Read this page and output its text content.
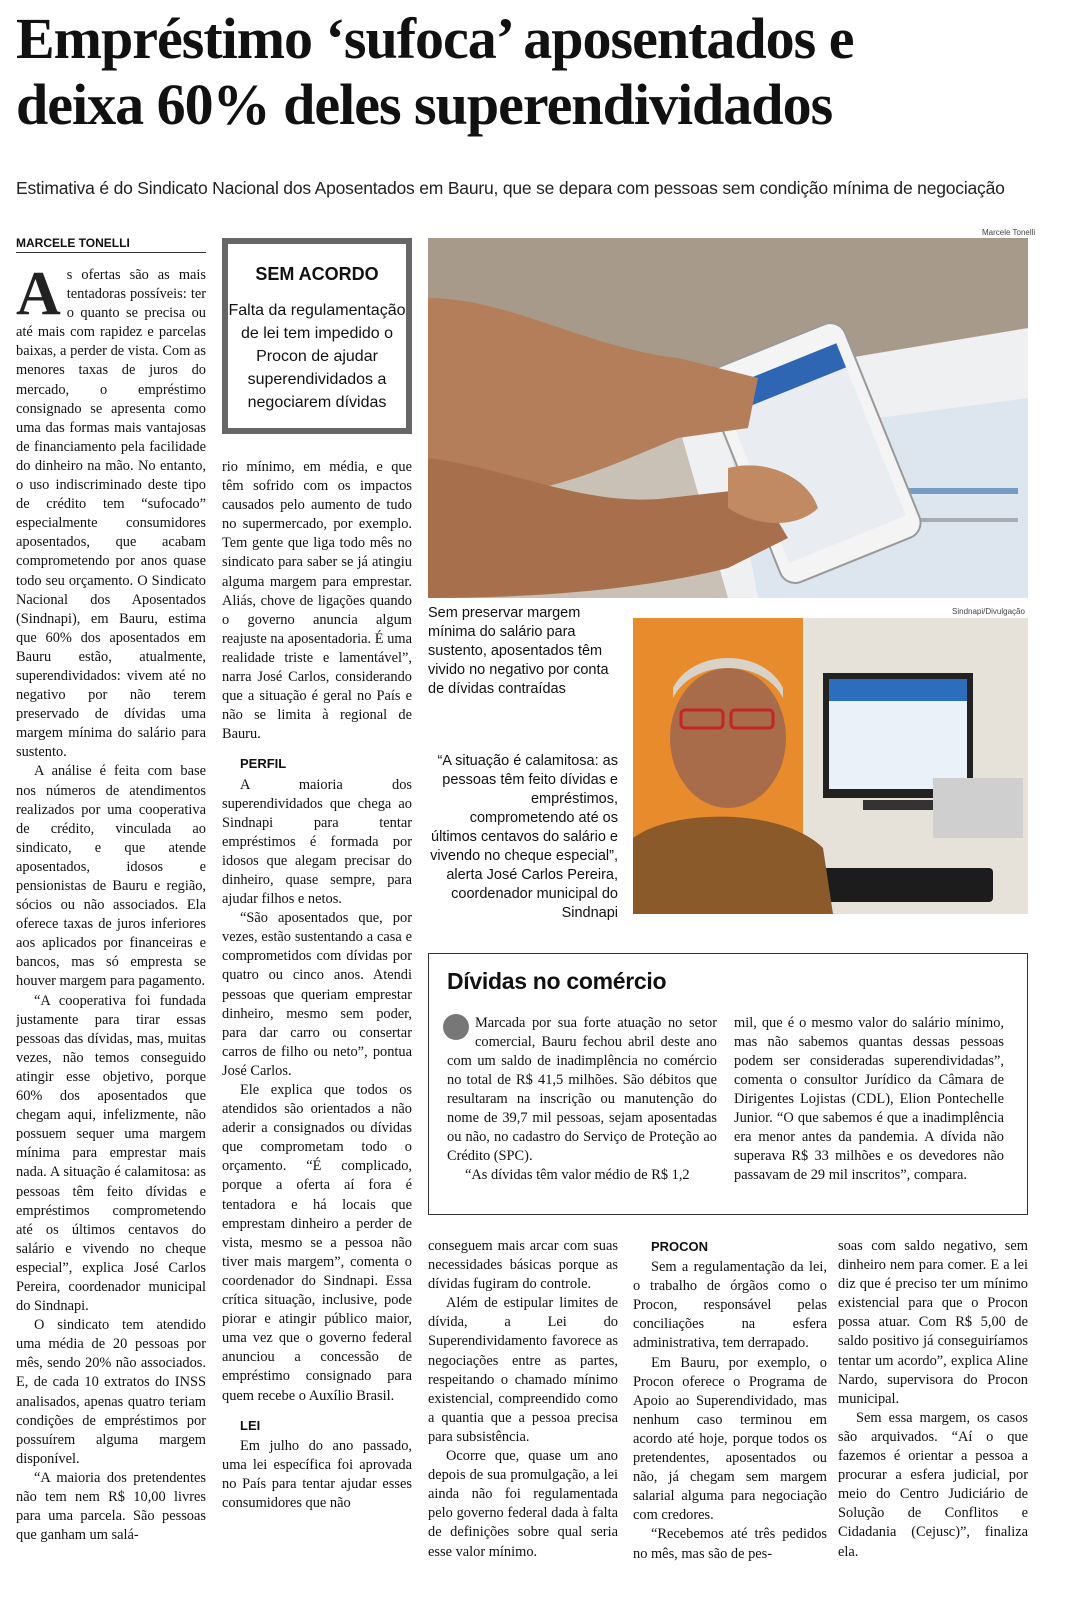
Empréstimo ‘sufoca’ aposentados e
deixa 60% deles superendividados
Estimativa é do Sindicato Nacional dos Aposentados em Bauru, que se depara com pessoas sem condição mínima de negociação
MARCELE TONELLI
A s ofertas são as mais tentadoras possíveis: ter o quanto se precisa ou até mais com rapidez e parcelas baixas, a perder de vista. Com as menores taxas de juros do mercado, o empréstimo consignado se apresenta como uma das formas mais vantajosas de financiamento pela facilidade do dinheiro na mão. No entanto, o uso indiscriminado deste tipo de crédito tem “sufocado” especialmente consumidores aposentados, que acabam comprometendo por anos quase todo seu orçamento. O Sindicato Nacional dos Aposentados (Sindnapi), em Bauru, estima que 60% dos aposentados em Bauru estão, atualmente, superendividados: vivem até no negativo por não terem preservado de dívidas uma margem mínima do salário para sustento.

A análise é feita com base nos números de atendimentos realizados por uma cooperativa de crédito, vinculada ao sindicato, e que atende aposentados, idosos e pensionistas de Bauru e região, sócios ou não associados. Ela oferece taxas de juros inferiores aos aplicados por financeiras e bancos, mas só empresta se houver margem para pagamento.

“A cooperativa foi fundada justamente para tirar essas pessoas das dívidas, mas, muitas vezes, não temos conseguido atingir esse objetivo, porque 60% dos aposentados que chegam aqui, infelizmente, não possuem sequer uma margem mínima para emprestar mais nada. A situação é calamitosa: as pessoas têm feito dívidas e empréstimos comprometendo até os últimos centavos do salário e vivendo no cheque especial”, explica José Carlos Pereira, coordenador municipal do Sindnapi.

O sindicato tem atendido uma média de 20 pessoas por mês, sendo 20% não associados. E, de cada 10 extratos do INSS analisados, apenas quatro teriam condições de empréstimos por possuírem alguma margem disponível.

“A maioria dos pretendentes não tem nem R$ 10,00 livres para uma parcela. São pessoas que ganham um salá-

SEM ACORDO
Falta da regulamentação de lei tem impedido o Procon de ajudar superendividados a negociarem dívidas

rio mínimo, em média, e que têm sofrido com os impactos causados pelo aumento de tudo no supermercado, por exemplo. Tem gente que liga todo mês no sindicato para saber se já atingiu alguma margem para emprestar. Aliás, chove de ligações quando o governo anuncia algum reajuste na aposentadoria. É uma realidade triste e lamentável”, narra José Carlos, considerando que a situação é geral no País e não se limita à regional de Bauru.

PERFIL

A maioria dos superendividados que chega ao Sindnapi para tentar empréstimos é formada por idosos que alegam precisar do dinheiro, quase sempre, para ajudar filhos e netos.

“São aposentados que, por vezes, estão sustentando a casa e comprometidos com dívidas por quatro ou cinco anos. Atendi pessoas que queriam emprestar dinheiro, mesmo sem poder, para dar carro ou consertar carros de filho ou neto”, pontua José Carlos.

Ele explica que todos os atendidos são orientados a não aderir a consignados ou dívidas que comprometam todo o orçamento. “É complicado, porque a oferta aí fora é tentadora e há locais que emprestam dinheiro a perder de vista, mesmo se a pessoa não tiver mais margem”, comenta o coordenador do Sindnapi. Essa crítica situação, inclusive, pode piorar e atingir público maior, uma vez que o governo federal anunciou a concessão de empréstimo consignado para quem recebe o Auxílio Brasil.

LEI

Em julho do ano passado, uma lei específica foi aprovada no País para tentar ajudar esses consumidores que não

Marcele Tonelli
Sem preservar margem mínima do salário para sustento, aposentados têm vivido no negativo por conta de dívidas contraídas
Sindnapi/Divulgação
“A situação é calamitosa: as pessoas têm feito dívidas e empréstimos, comprometendo até os últimos centavos do salário e vivendo no cheque especial”, alerta José Carlos Pereira, coordenador municipal do Sindnapi
Dívidas no comércio

Marcada por sua forte atuação no setor comercial, Bauru fechou abril deste ano com um saldo de inadimplência no comércio no total de R$ 41,5 milhões. São débitos que resultaram na inscrição ou manutenção do nome de 39,7 mil pessoas, sejam aposentadas ou não, no cadastro do Serviço de Proteção ao Crédito (SPC).

“As dívidas têm valor médio de R$ 1,2

mil, que é o mesmo valor do salário mínimo, mas não sabemos quantas dessas pessoas podem ser consideradas superendividadas”, comenta o consultor Jurídico da Câmara de Dirigentes Lojistas (CDL), Elion Pontechelle Junior. “O que sabemos é que a inadimplência era menor antes da pandemia. A dívida não superava R$ 33 milhões e os devedores não passavam de 29 mil inscritos”, compara.

conseguem mais arcar com suas necessidades básicas porque as dívidas fugiram do controle.

Além de estipular limites de dívida, a Lei do Superendividamento favorece as negociações entre as partes, respeitando o chamado mínimo existencial, compreendido como a quantia que a pessoa precisa para subsistência.

Ocorre que, quase um ano depois de sua promulgação, a lei ainda não foi regulamentada pelo governo federal dada à falta de definições sobre qual seria esse valor mínimo.

PROCON

Sem a regulamentação da lei, o trabalho de órgãos como o Procon, responsável pelas conciliações na esfera administrativa, tem derrapado.

Em Bauru, por exemplo, o Procon oferece o Programa de Apoio ao Superendividado, mas nenhum caso terminou em acordo até hoje, porque todos os pretendentes, aposentados ou não, já chegam sem margem salarial alguma para negociação com credores.

“Recebemos até três pedidos no mês, mas são de pes-

soas com saldo negativo, sem dinheiro nem para comer. E a lei diz que é preciso ter um mínimo existencial para que o Procon possa atuar. Com R$ 5,00 de saldo positivo já conseguiríamos tentar um acordo”, explica Aline Nardo, supervisora do Procon municipal.

Sem essa margem, os casos são arquivados. “Aí o que fazemos é orientar a pessoa a procurar a esfera judicial, por meio do Centro Judiciário de Solução de Conflitos e Cidadania (Cejusc)”, finaliza ela.
